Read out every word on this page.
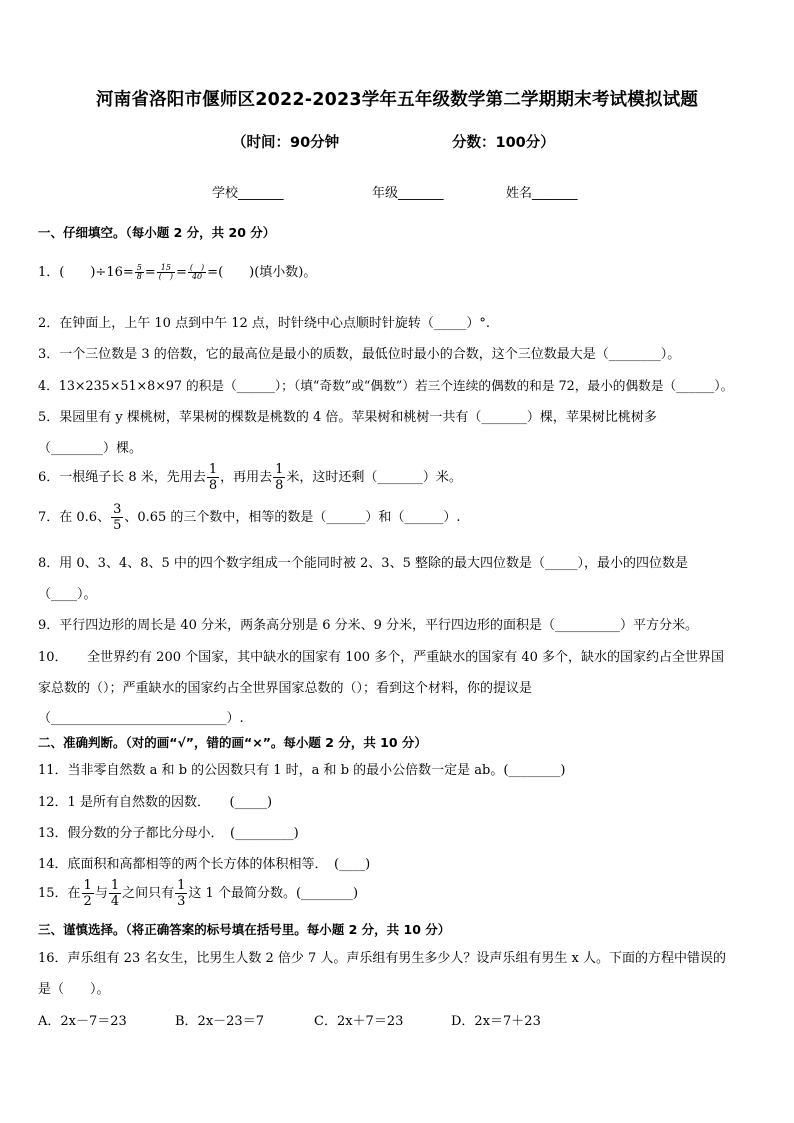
河南省洛阳市偃师区2022-2023学年五年级数学第二学期期末考试模拟试题
（时间：90分钟	分数：100分）
学校_______	年级_______	姓名_______
一、仔细填空。（每小题 2 分，共 20 分）
1．(　　)$\div 16= \frac{5}{8} = 15$
(　) = (　)
40 =(　　)(填小数)。
2．在钟面上，上午 10 点到中午 12 点，时针绕中心点顺时针旋转（_____）°.
3．一个三位数是 3 的倍数，它的最高位是最小的质数，最低位时最小的合数，这个三位数最大是（________）。
4．13×235×51×8×97 的积是（______）；（填“奇数”或“偶数”）若三个连续的偶数的和是 72，最小的偶数是（______）。
5．果园里有 y 棵桃树，苹果树的棵数是桃数的 4 倍。苹果树和桃树一共有（_______）棵，苹果树比桃树多
（________）棵。
6．一根绳子长 8 米，先用去 $\frac{1}{8}$ ，再用去 $\frac{1}{8}$ 米，这时还剩（_______）米。
7．在 0.6、 $\frac{3}{5}$ 、0.65 的三个数中，相等的数是（______）和（______）.
8．用 0、3、4、8、5 中的四个数字组成一个能同时被 2、3、5 整除的最大四位数是（_____），最小的四位数是
（____）。
9．平行四边形的周长是 40 分米，两条高分别是 6 分米、9 分米，平行四边形的面积是（__________）平方分米。
10．　　全世界约有 200 个国家，其中缺水的国家有 100 多个，严重缺水的国家有 40 多个，缺水的国家约占全世界国
家总数的（）；严重缺水的国家约占全世界国家总数的（）；看到这个材料，你的提议是
（___________________________）.
二、准确判断。（对的画“√”，错的画“×”。每小题 2 分，共 10 分）
11．当非零自然数 a 和 b 的公因数只有 1 时，a 和 b 的最小公倍数一定是 ab。(________)
12．1 是所有自然数的因数．　　(_____)
13．假分数的分子都比分母小．　(_________)
14．底面积和高都相等的两个长方体的体积相等．　(____)
15．在 $\frac{1}{2}$ 与 $\frac{1}{4}$ 之间只有 $\frac{1}{3}$ 这 1 个最简分数。(________)
三、谨慎选择。（将正确答案的标号填在括号里。每小题 2 分，共 10 分）
16．声乐组有 23 名女生，比男生人数 2 倍少 7 人。声乐组有男生多少人？设声乐组有男生 x 人。下面的方程中错误的
是（　　）。
A．2x－7＝23	B．2x－23＝7	C．2x＋7＝23	D．2x＝7＋23
